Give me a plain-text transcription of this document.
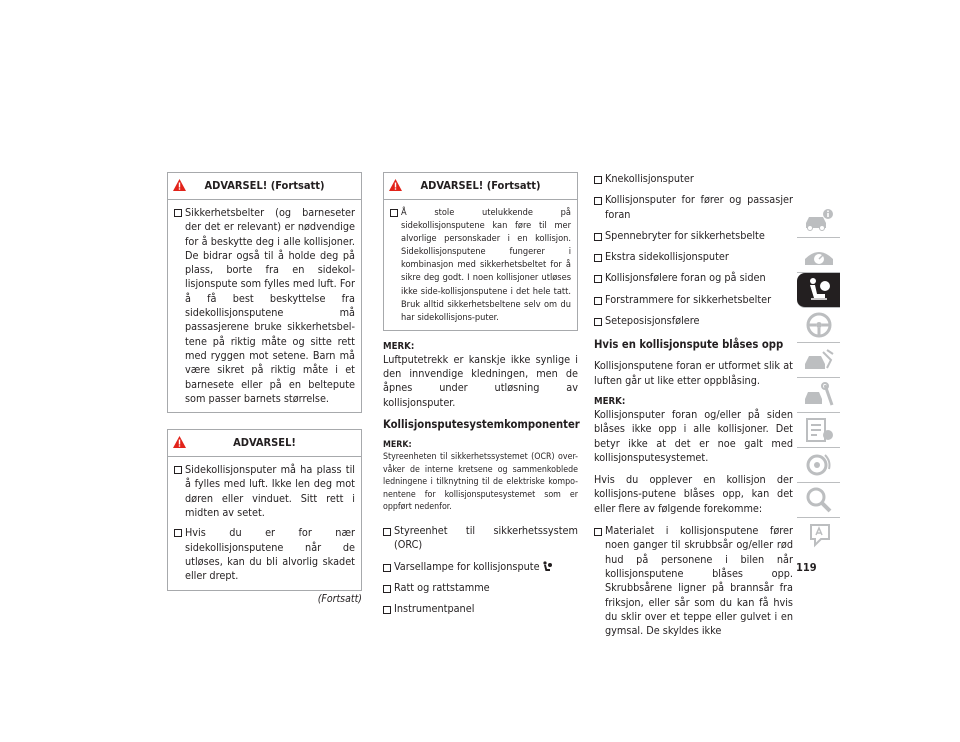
ADVARSEL! (Fortsatt)
Sikkerhetsbelter (og barneseter der det er relevant) er nødvendige for å beskytte deg i alle kollisjoner. De bidrar også til å holde deg på plass, borte fra en sidekol-lisjonspute som fylles med luft. For å få best beskyttelse fra sidekollisjonsputene må passasjerene bruke sikkerhetsbel-tene på riktig måte og sitte rett med ryggen mot setene. Barn må være sikret på riktig måte i et barnesete eller på en beltepute som passer barnets størrelse.
ADVARSEL!
Sidekollisjonsputer må ha plass til å fylles med luft. Ikke len deg mot døren eller vinduet. Sitt rett i midten av setet.
Hvis du er for nær sidekollisjonsputene når de utløses, kan du bli alvorlig skadet eller drept.
(Fortsatt)
ADVARSEL! (Fortsatt)
Å stole utelukkende på sidekollisjonsputene kan føre til mer alvorlige personskader i en kollisjon. Sidekollisjonsputene fungerer i kombinasjon med sikkerhetsbeltet for å sikre deg godt. I noen kollisjoner utløses ikke side-kollisjonsputene i det hele tatt. Bruk alltid sikkerhetsbeltene selv om du har sidekollisjons-puter.
MERK:

Luftputetrekk er kanskje ikke synlige i den innvendige kledningen, men de åpnes under utløsning av kollisjonsputer.

Kollisjonsputesystemkomponenter
MERK:

Styreenheten til sikkerhetssystemet (OCR) over-våker de interne kretsene og sammenkoblede ledningene i tilknytning til de elektriske kompo-nentene for kollisjonsputesystemet som er oppført nedenfor.

Styreenhet til sikkerhetssystem (ORC)
Varsellampe for kollisjonspute
Ratt og rattstamme
Instrumentpanel
Knekollisjonsputer
Kollisjonsputer for fører og passasjer foran
Spennebryter for sikkerhetsbelte
Ekstra sidekollisjonsputer
Kollisjonsfølere foran og på siden
Forstrammere for sikkerhetsbelter
Seteposisjonsfølere
Hvis en kollisjonspute blåses opp

Kollisjonsputene foran er utformet slik at luften går ut like etter oppblåsing.

MERK:

Kollisjonsputer foran og/eller på siden blåses ikke opp i alle kollisjoner. Det betyr ikke at det er noe galt med kollisjonsputesystemet.

Hvis du opplever en kollisjon der kollisjons-putene blåses opp, kan det eller flere av følgende forekomme:

Materialet i kollisjonsputene fører noen ganger til skrubbsår og/eller rød hud på personene i bilen når kollisjonsputene blåses opp. Skrubbsårene ligner på brannsår fra friksjon, eller sår som du kan få hvis du sklir over et teppe eller gulvet i en gymsal. De skyldes ikke
119
